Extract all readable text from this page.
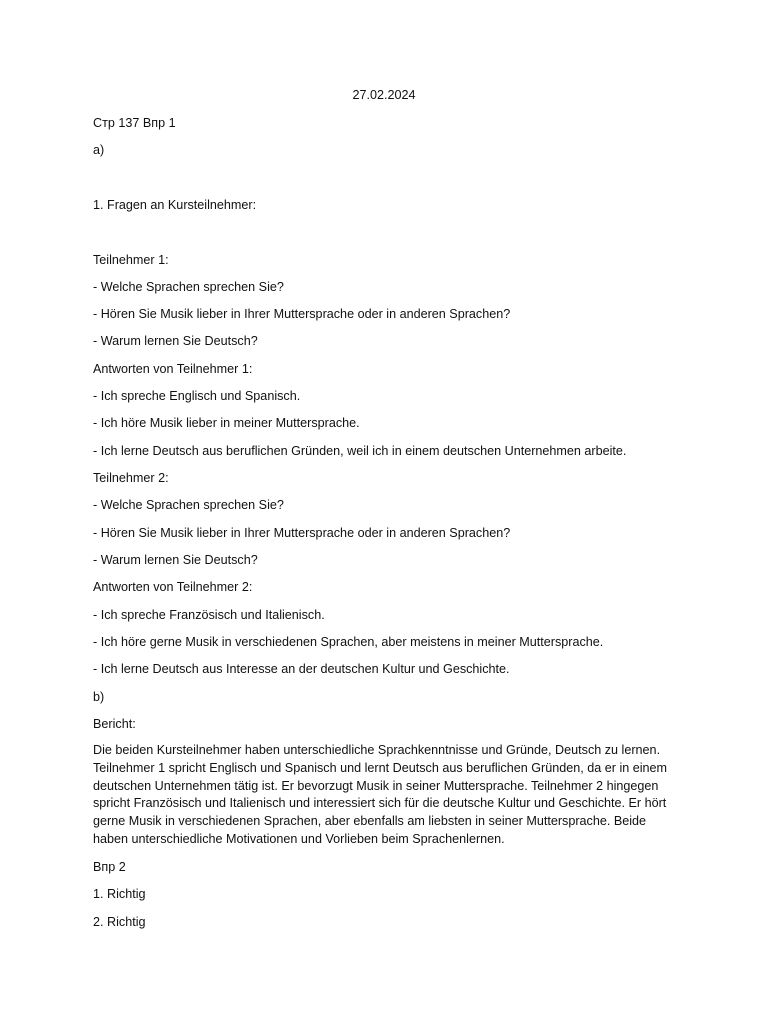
27.02.2024
Стр 137 Впр 1
a)
1. Fragen an Kursteilnehmer:
Teilnehmer 1:
- Welche Sprachen sprechen Sie?
- Hören Sie Musik lieber in Ihrer Muttersprache oder in anderen Sprachen?
- Warum lernen Sie Deutsch?
Antworten von Teilnehmer 1:
- Ich spreche Englisch und Spanisch.
- Ich höre Musik lieber in meiner Muttersprache.
- Ich lerne Deutsch aus beruflichen Gründen, weil ich in einem deutschen Unternehmen arbeite.
Teilnehmer 2:
- Welche Sprachen sprechen Sie?
- Hören Sie Musik lieber in Ihrer Muttersprache oder in anderen Sprachen?
- Warum lernen Sie Deutsch?
Antworten von Teilnehmer 2:
- Ich spreche Französisch und Italienisch.
- Ich höre gerne Musik in verschiedenen Sprachen, aber meistens in meiner Muttersprache.
- Ich lerne Deutsch aus Interesse an der deutschen Kultur und Geschichte.
b)
Bericht:

Die beiden Kursteilnehmer haben unterschiedliche Sprachkenntnisse und Gründe, Deutsch zu lernen. Teilnehmer 1 spricht Englisch und Spanisch und lernt Deutsch aus beruflichen Gründen, da er in einem deutschen Unternehmen tätig ist. Er bevorzugt Musik in seiner Muttersprache. Teilnehmer 2 hingegen spricht Französisch und Italienisch und interessiert sich für die deutsche Kultur und Geschichte. Er hört gerne Musik in verschiedenen Sprachen, aber ebenfalls am liebsten in seiner Muttersprache. Beide haben unterschiedliche Motivationen und Vorlieben beim Sprachenlernen.

Впр 2
1. Richtig
2. Richtig
